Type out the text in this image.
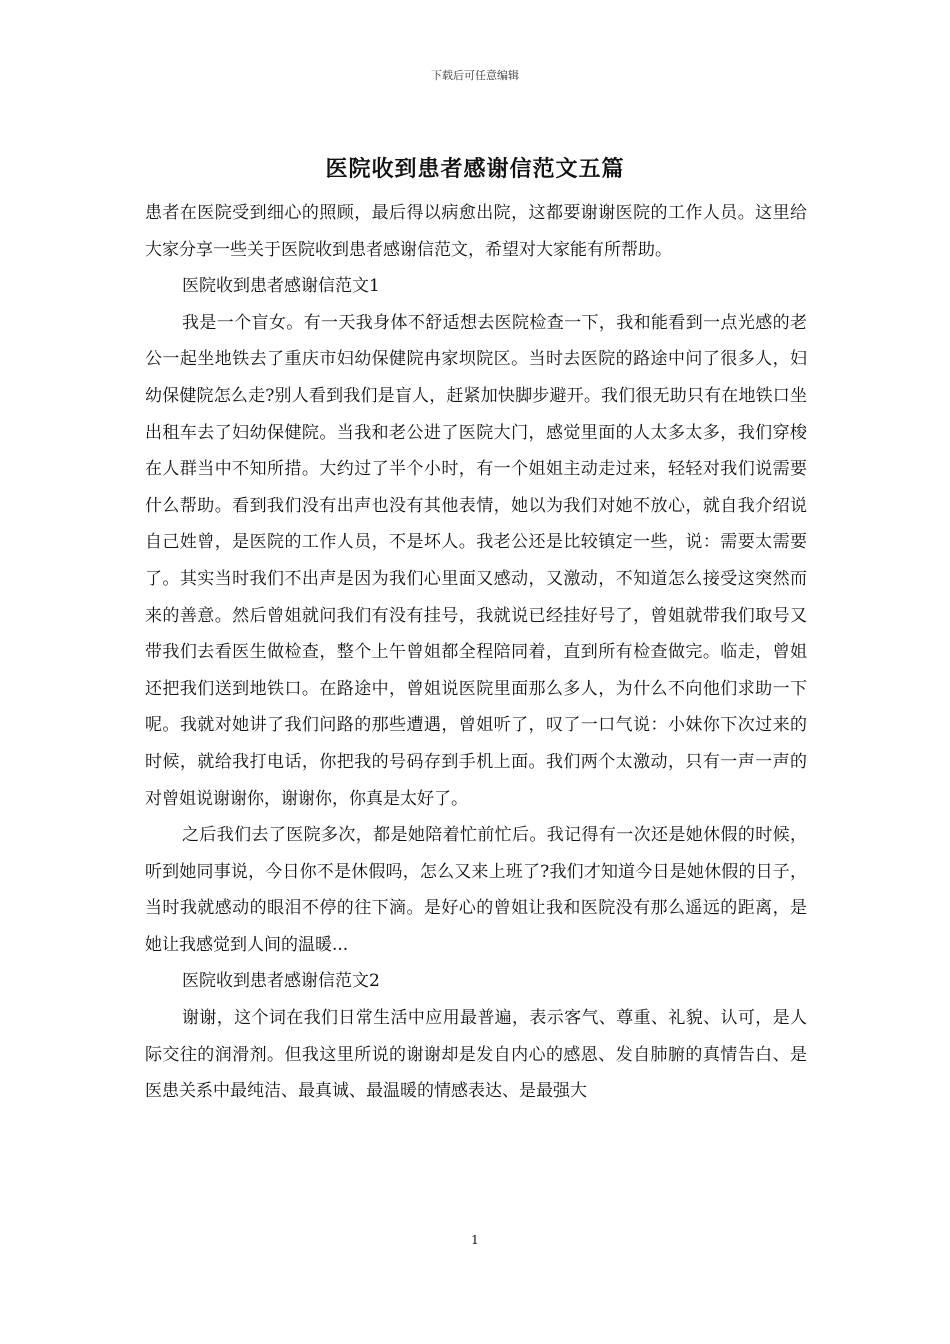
下载后可任意编辑
医院收到患者感谢信范文五篇

患者在医院受到细心的照顾，最后得以病愈出院，这都要谢谢医院的工作人员。这里给大家分享一些关于医院收到患者感谢信范文，希望对大家能有所帮助。

医院收到患者感谢信范文1

我是一个盲女。有一天我身体不舒适想去医院检查一下，我和能看到一点光感的老公一起坐地铁去了重庆市妇幼保健院冉家坝院区。当时去医院的路途中问了很多人，妇幼保健院怎么走?别人看到我们是盲人，赶紧加快脚步避开。我们很无助只有在地铁口坐出租车去了妇幼保健院。当我和老公进了医院大门，感觉里面的人太多太多，我们穿梭在人群当中不知所措。大约过了半个小时，有一个姐姐主动走过来，轻轻对我们说需要什么帮助。看到我们没有出声也没有其他表情，她以为我们对她不放心，就自我介绍说自己姓曾，是医院的工作人员，不是坏人。我老公还是比较镇定一些，说：需要太需要了。其实当时我们不出声是因为我们心里面又感动，又激动，不知道怎么接受这突然而来的善意。然后曾姐就问我们有没有挂号，我就说已经挂好号了，曾姐就带我们取号又带我们去看医生做检查，整个上午曾姐都全程陪同着，直到所有检查做完。临走，曾姐还把我们送到地铁口。在路途中，曾姐说医院里面那么多人，为什么不向他们求助一下呢。我就对她讲了我们问路的那些遭遇，曾姐听了，叹了一口气说：小妹你下次过来的时候，就给我打电话，你把我的号码存到手机上面。我们两个太激动，只有一声一声的对曾姐说谢谢你，谢谢你，你真是太好了。

之后我们去了医院多次，都是她陪着忙前忙后。我记得有一次还是她休假的时候，听到她同事说，今日你不是休假吗，怎么又来上班了?我们才知道今日是她休假的日子，当时我就感动的眼泪不停的往下滴。是好心的曾姐让我和医院没有那么遥远的距离，是她让我感觉到人间的温暖...

医院收到患者感谢信范文2

谢谢，这个词在我们日常生活中应用最普遍，表示客气、尊重、礼貌、认可，是人际交往的润滑剂。但我这里所说的谢谢却是发自内心的感恩、发自肺腑的真情告白、是医患关系中最纯洁、最真诚、最温暖的情感表达、是最强大

1
